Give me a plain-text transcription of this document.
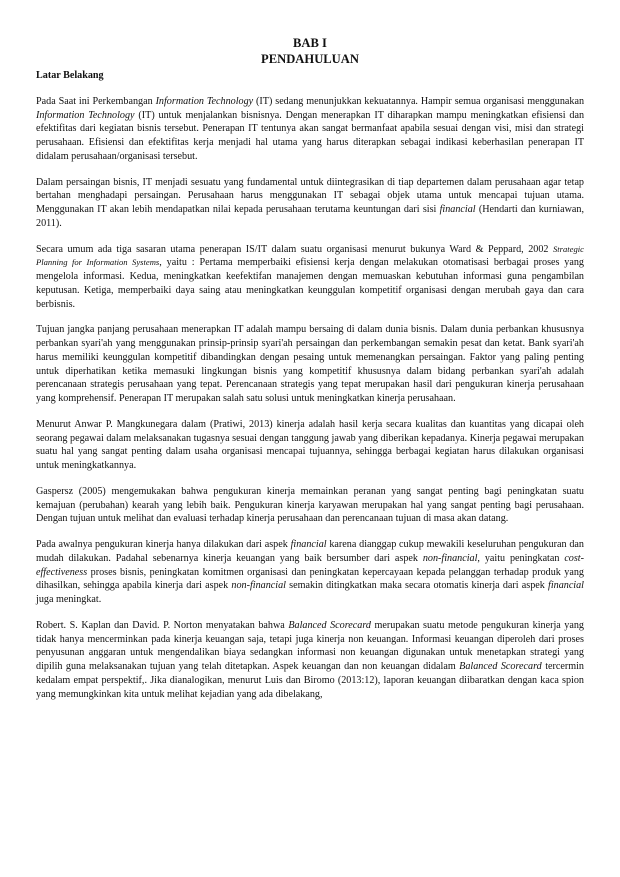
BAB I
PENDAHULUAN
Latar Belakang

Pada Saat ini Perkembangan Information Technology (IT) sedang menunjukkan kekuatannya. Hampir semua organisasi menggunakan Information Technology (IT) untuk menjalankan bisnisnya. Dengan menerapkan IT diharapkan mampu meningkatkan efisiensi dan efektifitas dari kegiatan bisnis tersebut. Penerapan IT tentunya akan sangat bermanfaat apabila sesuai dengan visi, misi dan strategi perusahaan. Efisiensi dan efektifitas kerja menjadi hal utama yang harus diterapkan sebagai indikasi keberhasilan penerapan IT didalam perusahaan/organisasi tersebut.

Dalam persaingan bisnis, IT menjadi sesuatu yang fundamental untuk diintegrasikan di tiap departemen dalam perusahaan agar tetap bertahan menghadapi persaingan. Perusahaan harus menggunakan IT sebagai objek utama untuk mencapai tujuan utama. Menggunakan IT akan lebih mendapatkan nilai kepada perusahaan terutama keuntungan dari sisi financial (Hendarti dan kurniawan, 2011).

Secara umum ada tiga sasaran utama penerapan IS/IT dalam suatu organisasi menurut bukunya Ward & Peppard, 2002 Strategic Planning for Information Systems, yaitu : Pertama memperbaiki efisiensi kerja dengan melakukan otomatisasi berbagai proses yang mengelola informasi. Kedua, meningkatkan keefektifan manajemen dengan memuaskan kebutuhan informasi guna pengambilan keputusan. Ketiga, memperbaiki daya saing atau meningkatkan keunggulan kompetitif organisasi dengan merubah gaya dan cara berbisnis.

Tujuan jangka panjang perusahaan menerapkan IT adalah mampu bersaing di dalam dunia bisnis. Dalam dunia perbankan khususnya perbankan syari'ah yang menggunakan prinsip-prinsip syari'ah persaingan dan perkembangan semakin pesat dan ketat. Bank syari'ah harus memiliki keunggulan kompetitif dibandingkan dengan pesaing untuk memenangkan persaingan. Faktor yang paling penting untuk diperhatikan ketika memasuki lingkungan bisnis yang kompetitif khususnya dalam bidang perbankan syari'ah adalah perencanaan strategis perusahaan yang tepat. Perencanaan strategis yang tepat merupakan hasil dari pengukuran kinerja perusahaan yang komprehensif. Penerapan IT merupakan salah satu solusi untuk meningkatkan kinerja perusahaan.

Menurut Anwar P. Mangkunegara dalam (Pratiwi, 2013) kinerja adalah hasil kerja secara kualitas dan kuantitas yang dicapai oleh seorang pegawai dalam melaksanakan tugasnya sesuai dengan tanggung jawab yang diberikan kepadanya. Kinerja pegawai merupakan suatu hal yang sangat penting dalam usaha organisasi mencapai tujuannya, sehingga berbagai kegiatan harus dilakukan organisasi untuk meningkatkannya.

Gaspersz (2005) mengemukakan bahwa pengukuran kinerja memainkan peranan yang sangat penting bagi peningkatan suatu kemajuan (perubahan) kearah yang lebih baik. Pengukuran kinerja karyawan merupakan hal yang sangat penting bagi perusahaan. Dengan tujuan untuk melihat dan evaluasi terhadap kinerja perusahaan dan perencanaan tujuan di masa akan datang.

Pada awalnya pengukuran kinerja hanya dilakukan dari aspek financial karena dianggap cukup mewakili keseluruhan pengukuran dan mudah dilakukan. Padahal sebenarnya kinerja keuangan yang baik bersumber dari aspek non-financial, yaitu peningkatan cost-effectiveness proses bisnis, peningkatan komitmen organisasi dan peningkatan kepercayaan kepada pelanggan terhadap produk yang dihasilkan, sehingga apabila kinerja dari aspek non-financial semakin ditingkatkan maka secara otomatis kinerja dari aspek financial juga meningkat.

Robert. S. Kaplan dan David. P. Norton menyatakan bahwa Balanced Scorecard merupakan suatu metode pengukuran kinerja yang tidak hanya mencerminkan pada kinerja keuangan saja, tetapi juga kinerja non keuangan. Informasi keuangan diperoleh dari proses penyusunan anggaran untuk mengendalikan biaya sedangkan informasi non keuangan digunakan untuk menetapkan strategi yang dipilih guna melaksanakan tujuan yang telah ditetapkan. Aspek keuangan dan non keuangan didalam Balanced Scorecard tercermin kedalam empat perspektif,. Jika dianalogikan, menurut Luis dan Biromo (2013:12), laporan keuangan diibaratkan dengan kaca spion yang memungkinkan kita untuk melihat kejadian yang ada dibelakang,
